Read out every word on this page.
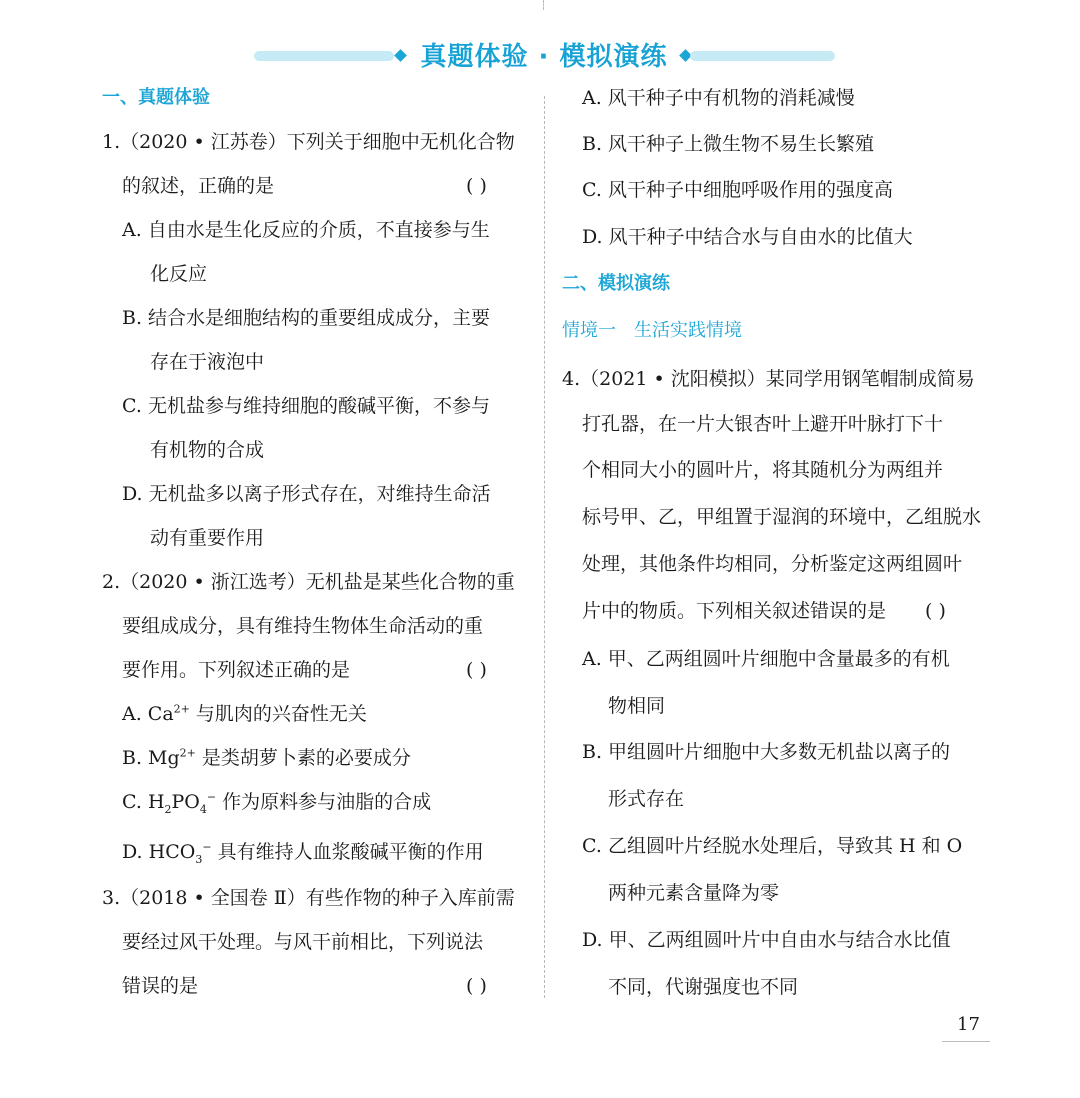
真题体验 · 模拟演练
一、真题体验
1.（2020 • 江苏卷）下列关于细胞中无机化合物
的叙述，正确的是	( )
A. 自由水是生化反应的介质，不直接参与生
化反应
B. 结合水是细胞结构的重要组成成分，主要
存在于液泡中
C. 无机盐参与维持细胞的酸碱平衡，不参与
有机物的合成
D. 无机盐多以离子形式存在，对维持生命活
动有重要作用
2.（2020 • 浙江选考）无机盐是某些化合物的重
要组成成分，具有维持生物体生命活动的重
要作用。下列叙述正确的是	( )
A. $Ca^{2+}$ 与肌肉的兴奋性无关
B. $Mg^{2+}$ 是类胡萝卜素的必要成分
C. $H_2PO_4^-$ 作为原料参与油脂的合成
D. $HCO_3^-$ 具有维持人血浆酸碱平衡的作用
3.（2018 • 全国卷 Ⅱ）有些作物的种子入库前需
要经过风干处理。与风干前相比，下列说法
错误的是	( )
A. 风干种子中有机物的消耗减慢
B. 风干种子上微生物不易生长繁殖
C. 风干种子中细胞呼吸作用的强度高
D. 风干种子中结合水与自由水的比值大
二、模拟演练
情境一　生活实践情境
4.（2021 • 沈阳模拟）某同学用钢笔帽制成简易
打孔器，在一片大银杏叶上避开叶脉打下十
个相同大小的圆叶片，将其随机分为两组并
标号甲、乙，甲组置于湿润的环境中，乙组脱水
处理，其他条件均相同，分析鉴定这两组圆叶
片中的物质。下列相关叙述错误的是 ( )
A. 甲、乙两组圆叶片细胞中含量最多的有机
物相同
B. 甲组圆叶片细胞中大多数无机盐以离子的
形式存在
C. 乙组圆叶片经脱水处理后，导致其 H 和 O
两种元素含量降为零
D. 甲、乙两组圆叶片中自由水与结合水比值
不同，代谢强度也不同
17
